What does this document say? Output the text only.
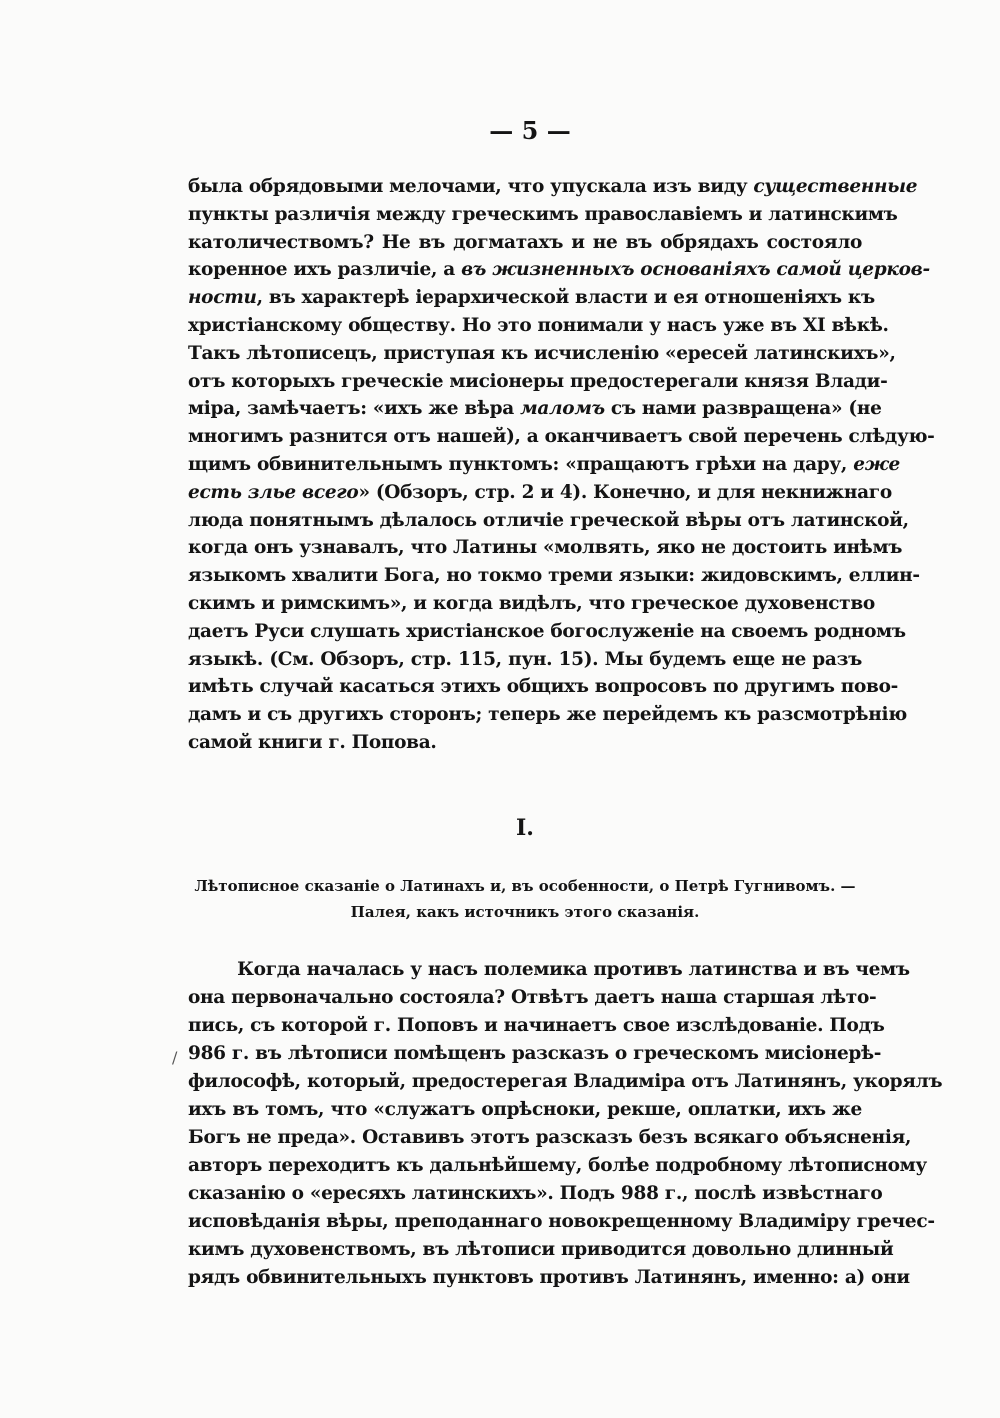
— 5 —
была обрядовыми мелочами, что упускала изъ виду существенные
пункты различія между греческимъ православіемъ и латинскимъ
католичествомъ? Не въ догматахъ и не въ обрядахъ состояло
коренное ихъ различіе, а въ жизненныхъ основаніяхъ самой церков-
ности, въ характерѣ іерархической власти и ея отношеніяхъ къ
христіанскому обществу. Но это понимали у насъ уже въ XI вѣкѣ.
Такъ лѣтописецъ, приступая къ исчисленію «ересей латинскихъ»,
отъ которыхъ греческіе мисіонеры предостерегали князя Влади-
міра, замѣчаетъ: «ихъ же вѣра маломъ съ нами развращена» (не
многимъ разнится отъ нашей), а оканчиваетъ свой перечень слѣдую-
щимъ обвинительнымъ пунктомъ: «пращаютъ грѣхи на дару, еже
есть зльe всего» (Обзоръ, стр. 2 и 4). Конечно, и для некнижнаго
люда понятнымъ дѣлалось отличіе греческой вѣры отъ латинской,
когда онъ узнавалъ, что Латины «молвять, яко не достоить инѣмъ
языкомъ хвалити Бога, но токмо треми языки: жидовскимъ, еллин-
скимъ и римскимъ», и когда видѣлъ, что греческое духовенство
даетъ Руси слушать христіанское богослуженіе на своемъ родномъ
языкѣ. (См. Обзоръ, стр. 115, пун. 15). Мы будемъ еще не разъ
имѣть случай касаться этихъ общихъ вопросовъ по другимъ пово-
дамъ и съ другихъ сторонъ; теперь же перейдемъ къ разсмотрѣнію
самой книги г. Попова.
I.
Лѣтописное сказаніе о Латинахъ и, въ особенности, о Петрѣ Гугнивомъ. —
Палея, какъ источникъ этого сказанія.
Когда началась у насъ полемика противъ латинства и въ чемъ
она первоначально состояла? Отвѣтъ даетъ наша старшая лѣто-
пись, съ которой г. Поповъ и начинаетъ свое изслѣдованіе. Подъ
986 г. въ лѣтописи помѣщенъ разсказъ о греческомъ мисіонерѣ-
философѣ, который, предостерегая Владиміра отъ Латинянъ, укорялъ
ихъ въ томъ, что «служатъ опрѣсноки, рекше, оплатки, ихъ же
Богъ не преда». Оставивъ этотъ разсказъ безъ всякаго объясненія,
авторъ переходитъ къ дальнѣйшему, болѣе подробному лѣтописному
сказанію о «ересяхъ латинскихъ». Подъ 988 г., послѣ извѣстнаго
исповѣданія вѣры, преподаннаго новокрещенному Владиміру гречес-
кимъ духовенствомъ, въ лѣтописи приводится довольно длинный
рядъ обвинительныхъ пунктовъ противъ Латинянъ, именно: а) они
/
